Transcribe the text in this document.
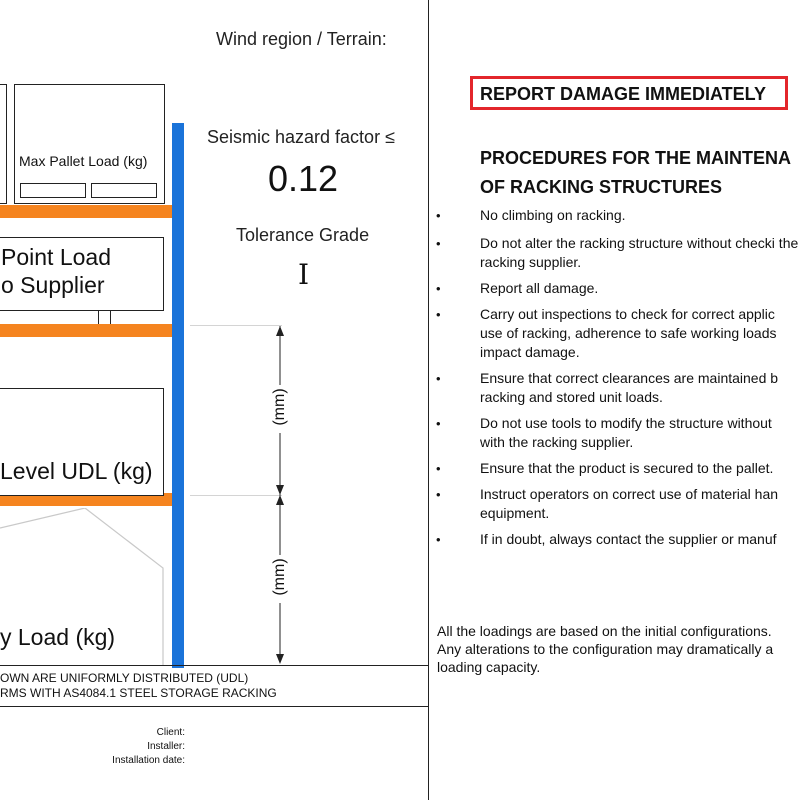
Wind region / Terrain:
Max Pallet Load (kg)
Point Load
o Supplier
Level UDL (kg)
y Load (kg)
Seismic hazard factor ≤
0.12
Tolerance Grade
I
(mm)
(mm)
OWN ARE UNIFORMLY DISTRIBUTED (UDL)
RMS WITH AS4084.1 STEEL STORAGE RACKING
Client:
Installer:
Installation date:
REPORT DAMAGE IMMEDIATELY
PROCEDURES FOR THE MAINTENA
OF RACKING STRUCTURES
•	No climbing on racking.
•	Do not alter the racking structure without checki the racking supplier.
•	Report all damage.
•	Carry out inspections to check for correct applic use of racking, adherence to safe working loads impact damage.
•	Ensure that correct clearances are maintained b racking and stored unit loads.
•	Do not use tools to modify the structure without with the racking supplier.
•	Ensure that the product is secured to the pallet.
•	Instruct operators on correct use of material han equipment.
•	If in doubt, always contact the supplier or manuf
All the loadings are based on the initial configurations.
Any alterations to the configuration may dramatically a
loading capacity.
